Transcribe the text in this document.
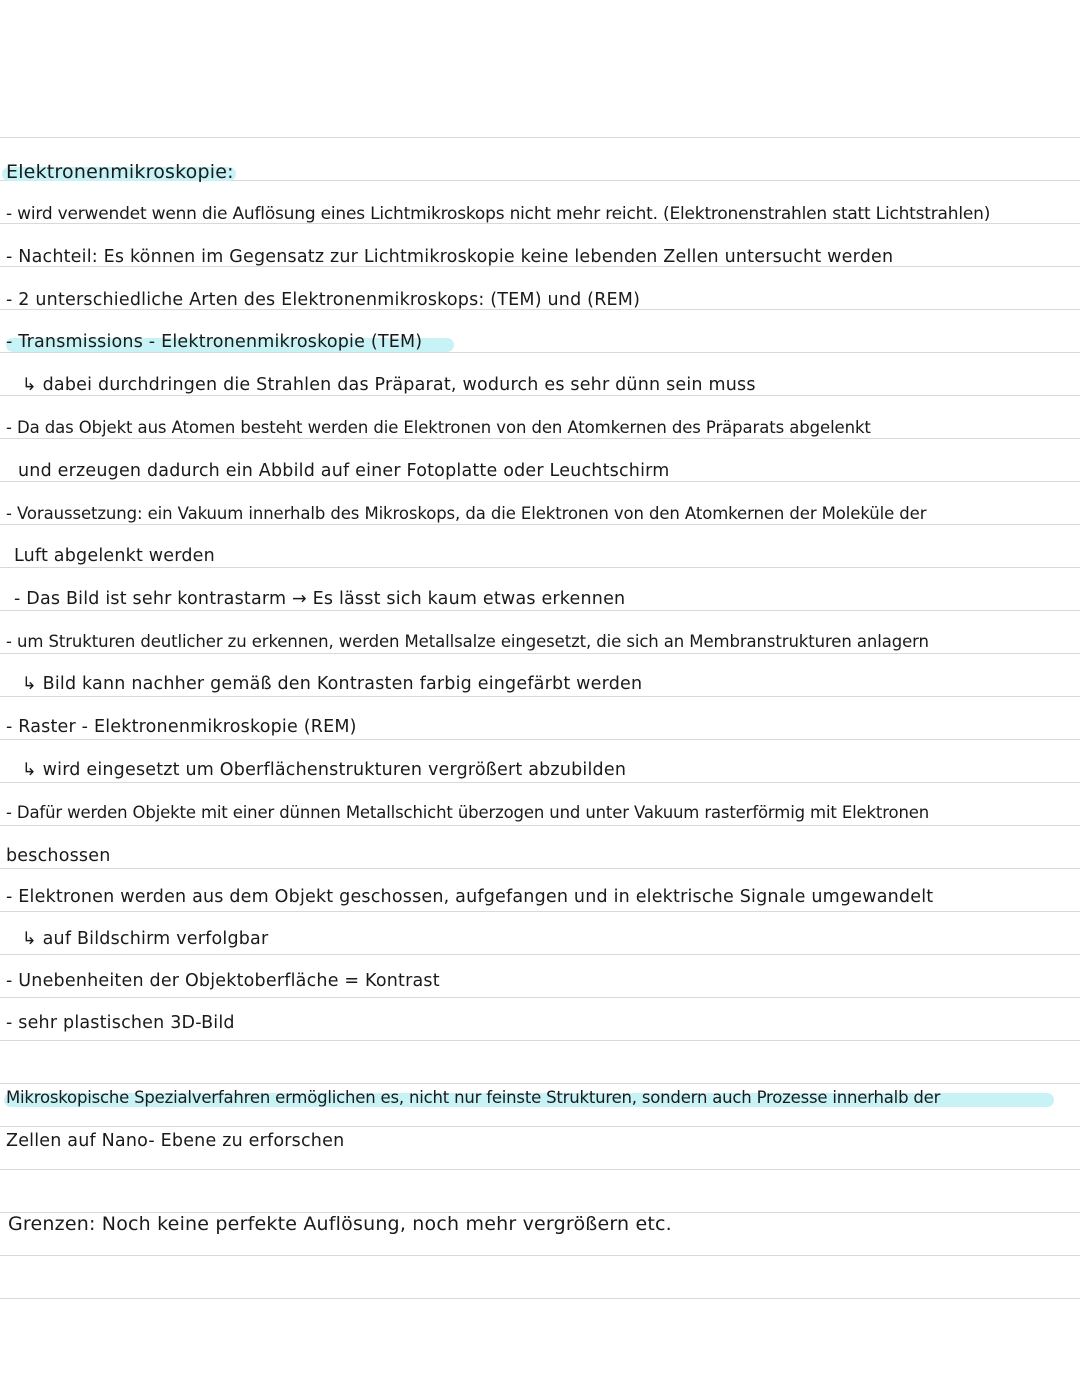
Elektronenmikroskopie:
- wird verwendet wenn die Auflösung eines Lichtmikroskops nicht mehr reicht. (Elektronenstrahlen statt Lichtstrahlen)
- Nachteil: Es können im Gegensatz zur Lichtmikroskopie keine lebenden Zellen untersucht werden
- 2 unterschiedliche Arten des Elektronenmikroskops: (TEM) und (REM)
- Transmissions - Elektronenmikroskopie (TEM)
↳ dabei durchdringen die Strahlen das Präparat, wodurch es sehr dünn sein muss
- Da das Objekt aus Atomen besteht werden die Elektronen von den Atomkernen des Präparats abgelenkt
und erzeugen dadurch ein Abbild auf einer Fotoplatte oder Leuchtschirm
- Voraussetzung: ein Vakuum innerhalb des Mikroskops, da die Elektronen von den Atomkernen der Moleküle der
Luft abgelenkt werden
- Das Bild ist sehr kontrastarm → Es lässt sich kaum etwas erkennen
- um Strukturen deutlicher zu erkennen, werden Metallsalze eingesetzt, die sich an Membranstrukturen anlagern
↳ Bild kann nachher gemäß den Kontrasten farbig eingefärbt werden
- Raster - Elektronenmikroskopie (REM)
↳ wird eingesetzt um Oberflächenstrukturen vergrößert abzubilden
- Dafür werden Objekte mit einer dünnen Metallschicht überzogen und unter Vakuum rasterförmig mit Elektronen
beschossen
- Elektronen werden aus dem Objekt geschossen, aufgefangen und in elektrische Signale umgewandelt
↳ auf Bildschirm verfolgbar
- Unebenheiten der Objektoberfläche = Kontrast
- sehr plastischen 3D-Bild
Mikroskopische Spezialverfahren ermöglichen es, nicht nur feinste Strukturen, sondern auch Prozesse innerhalb der
Zellen auf Nano- Ebene zu erforschen
Grenzen: Noch keine perfekte Auflösung, noch mehr vergrößern etc.
